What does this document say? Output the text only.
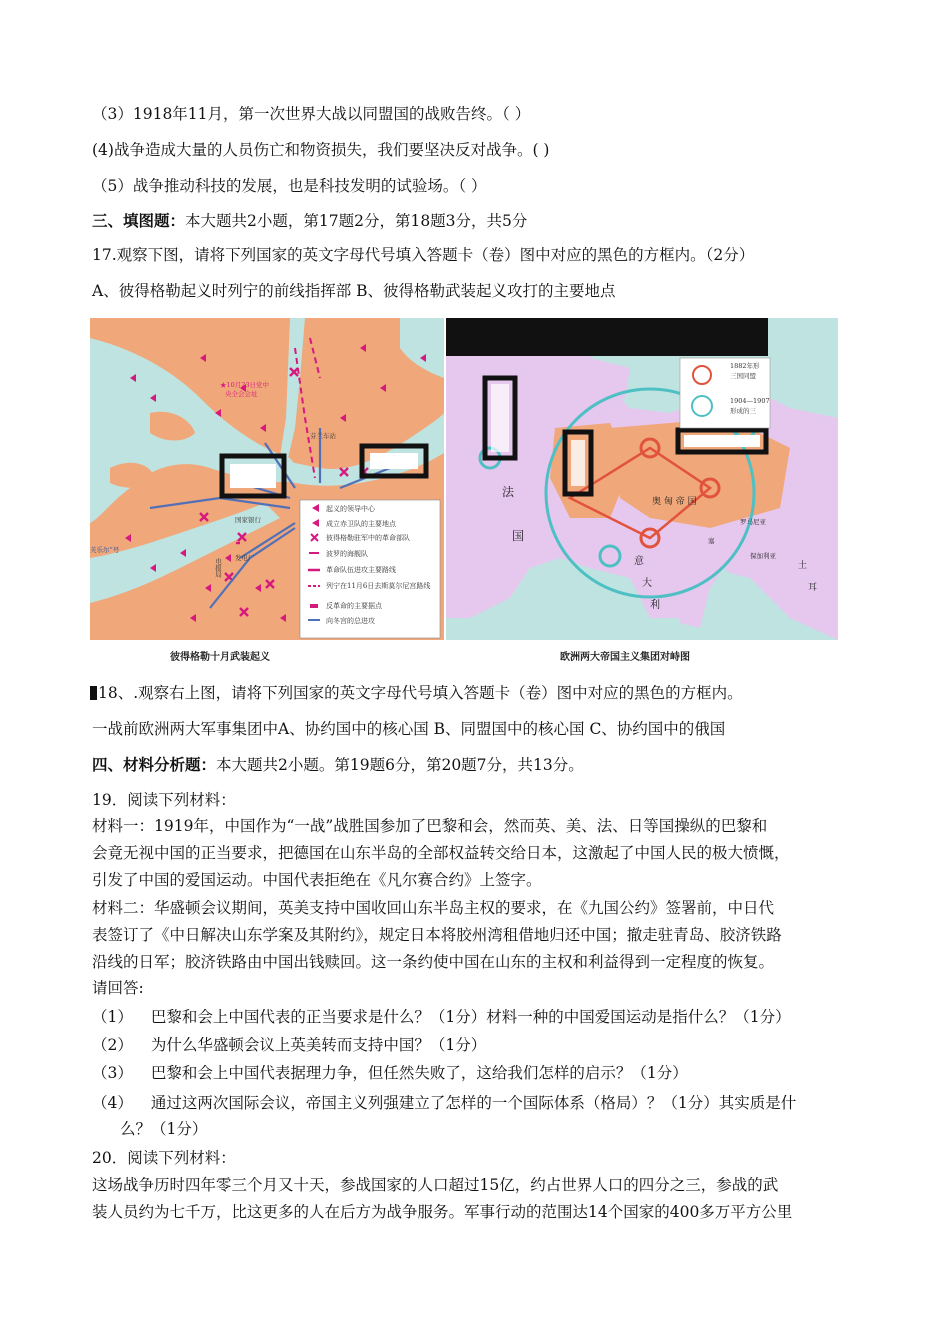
（3）1918年11月，第一次世界大战以同盟国的战败告终。（ ）
(4)战争造成大量的人员伤亡和物资损失，我们要坚决反对战争。( )
（5）战争推动科技的发展，也是科技发明的试验场。（ ）
三、填图题：本大题共2小题，第17题2分，第18题3分，共5分
17.观察下图，请将下列国家的英文字母代号填入答题卡（卷）图中对应的黑色的方框内。（2分）
A、彼得格勒起义时列宁的前线指挥部 B、彼得格勒武装起义攻打的主要地点
★10月23日党中
央全会会址
芬兰车站
电报局
国家银行
发电厂
芙乐尔”号
起义的领导中心
成立赤卫队的主要地点
彼得格勒驻军中的革命部队
波罗的海舰队
革命队伍进攻主要路线
列宁在11月6日去斯莫尔尼宫路线
反革命的主要据点
向冬宫的总进攻
彼得格勒十月武装起义
1882年形
三国同盟
1904—1907
形成的三
法
国
奥 匈 帝 国
意
大
利
罗马尼亚
保加利亚
塞
土
耳
欧洲两大帝国主义集团对峙图
18、.观察右上图，请将下列国家的英文字母代号填入答题卡（卷）图中对应的黑色的方框内。
一战前欧洲两大军事集团中A、协约国中的核心国 B、同盟国中的核心国 C、协约国中的俄国
四、材料分析题：本大题共2小题。第19题6分，第20题7分，共13分。
19．阅读下列材料：
材料一：1919年，中国作为“一战”战胜国参加了巴黎和会，然而英、美、法、日等国操纵的巴黎和
会竟无视中国的正当要求，把德国在山东半岛的全部权益转交给日本，这激起了中国人民的极大愤慨，
引发了中国的爱国运动。中国代表拒绝在《凡尔赛合约》上签字。
材料二：华盛顿会议期间，英美支持中国收回山东半岛主权的要求，在《九国公约》签署前，中日代
表签订了《中日解决山东学案及其附约》，规定日本将胶州湾租借地归还中国；撤走驻青岛、胶济铁路
沿线的日军；胶济铁路由中国出钱赎回。这一条约使中国在山东的主权和利益得到一定程度的恢复。
请回答:
（1） 巴黎和会上中国代表的正当要求是什么？（1分）材料一种的中国爱国运动是指什么？（1分）
（2） 为什么华盛顿会议上英美转而支持中国？（1分）
（3） 巴黎和会上中国代表据理力争，但任然失败了，这给我们怎样的启示？（1分）
（4） 通过这两次国际会议，帝国主义列强建立了怎样的一个国际体系（格局）？（1分）其实质是什
么？（1分）
20．阅读下列材料：
这场战争历时四年零三个月又十天，参战国家的人口超过15亿，约占世界人口的四分之三，参战的武
装人员约为七千万，比这更多的人在后方为战争服务。军事行动的范围达14个国家的400多万平方公里
